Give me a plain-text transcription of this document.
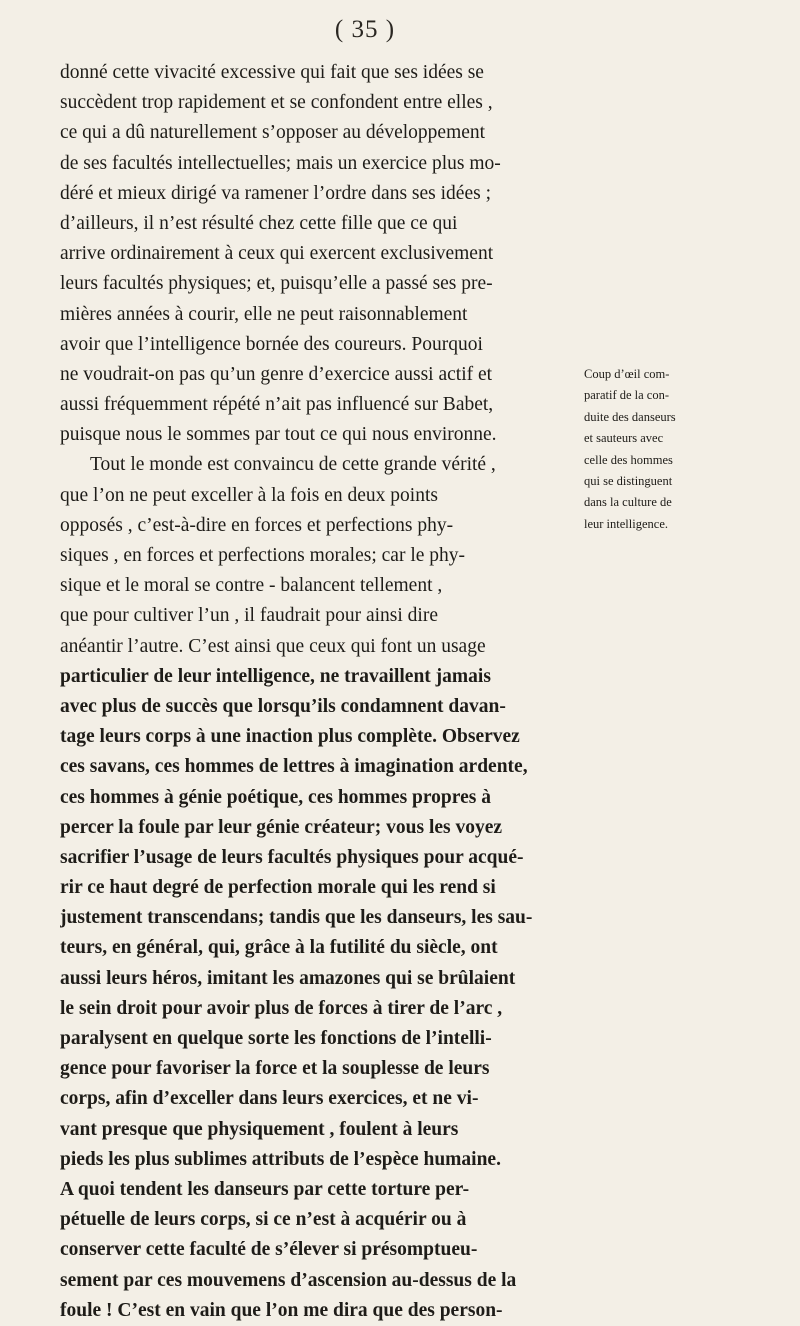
( 35 )
donné cette vivacité excessive qui fait que ses idées se
succèdent trop rapidement et se confondent entre elles ,
ce qui a dû naturellement s’opposer au développement
de ses facultés intellectuelles; mais un exercice plus mo-
déré et mieux dirigé va ramener l’ordre dans ses idées ;
d’ailleurs, il n’est résulté chez cette fille que ce qui
arrive ordinairement à ceux qui exercent exclusivement
leurs facultés physiques; et, puisqu’elle a passé ses pre-
mières années à courir, elle ne peut raisonnablement
avoir que l’intelligence bornée des coureurs. Pourquoi
ne voudrait-on pas qu’un genre d’exercice aussi actif et
aussi fréquemment répété n’ait pas influencé sur Babet,
puisque nous le sommes par tout ce qui nous environne.
Tout le monde est convaincu de cette grande vérité ,
que l’on ne peut exceller à la fois en deux points
opposés , c’est-à-dire en forces et perfections phy-
siques , en forces et perfections morales; car le phy-
sique et le moral se contre - balancent tellement ,
que pour cultiver l’un , il faudrait pour ainsi dire
anéantir l’autre. C’est ainsi que ceux qui font un usage
particulier de leur intelligence, ne travaillent jamais
avec plus de succès que lorsqu’ils condamnent davan-
tage leurs corps à une inaction plus complète. Observez
ces savans, ces hommes de lettres à imagination ardente,
ces hommes à génie poétique, ces hommes propres à
percer la foule par leur génie créateur; vous les voyez
sacrifier l’usage de leurs facultés physiques pour acqué-
rir ce haut degré de perfection morale qui les rend si
justement transcendans; tandis que les danseurs, les sau-
teurs, en général, qui, grâce à la futilité du siècle, ont
aussi leurs héros, imitant les amazones qui se brûlaient
le sein droit pour avoir plus de forces à tirer de l’arc ,
paralysent en quelque sorte les fonctions de l’intelli-
gence pour favoriser la force et la souplesse de leurs
corps, afin d’exceller dans leurs exercices, et ne vi-
vant presque que physiquement , foulent à leurs
pieds les plus sublimes attributs de l’espèce humaine.
A quoi tendent les danseurs par cette torture per-
pétuelle de leurs corps, si ce n’est à acquérir ou à
conserver cette faculté de s’élever si présomptueu-
sement par ces mouvemens d’ascension au-dessus de la
foule ! C’est en vain que l’on me dira que des person-
Coup d’œil com-
paratif de la con-
duite des danseurs
et sauteurs avec
celle des hommes
qui se distinguent
dans la culture de
leur intelligence.
